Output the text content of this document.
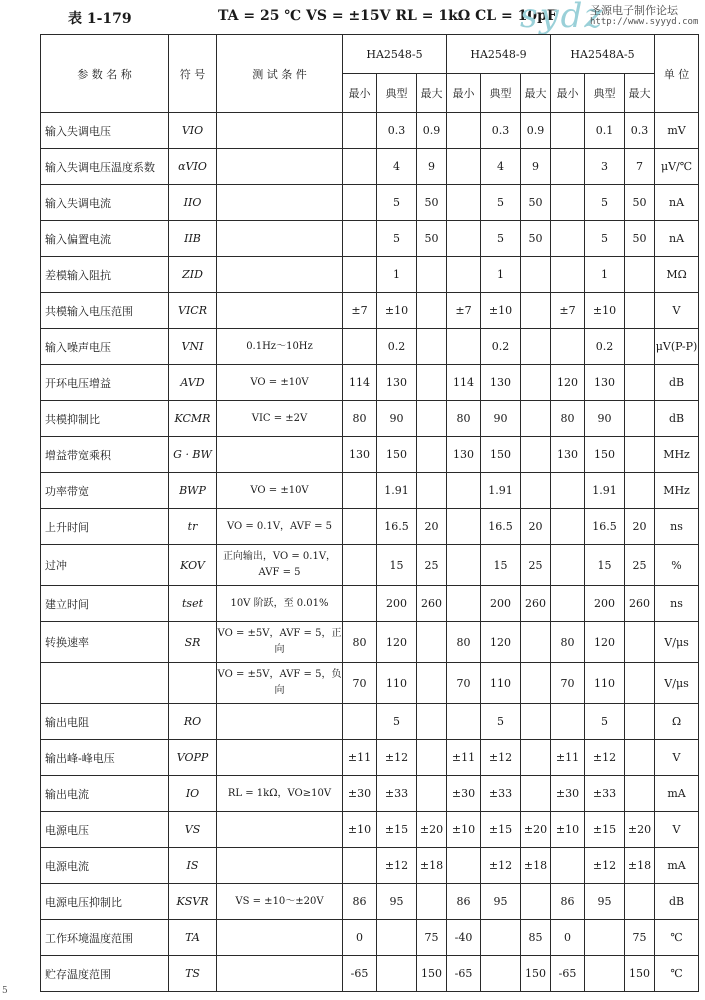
表 1-179	TA = 25 ℃ VS = ±15V RL = 1kΩ CL = 10pF
sydz
圣源电子制作论坛
http://www.syyyd.com
参 数 名 称	符 号	测 试 条 件	HA2548-5			HA2548-9			HA2548A-5			单 位
			最小	典型	最大	最小	典型	最大	最小	典型	最大	
输入失调电压	VIO			0.3	0.9		0.3	0.9		0.1	0.3	mV
输入失调电压温度系数	αVIO			4	9		4	9		3	7	μV/℃
输入失调电流	IIO			5	50		5	50		5	50	nA
输入偏置电流	IIB			5	50		5	50		5	50	nA
差模输入阻抗	ZID			1			1			1		MΩ
共模输入电压范围	VICR		±7	±10		±7	±10		±7	±10		V
输入噪声电压	VNI	0.1Hz～10Hz		0.2			0.2			0.2		μV(P-P)
开环电压增益	AVD	VO = ±10V	114	130		114	130		120	130		dB
共模抑制比	KCMR	VIC = ±2V	80	90		80	90		80	90		dB
增益带宽乘积	G · BW		130	150		130	150		130	150		MHz
功率带宽	BWP	VO = ±10V		1.91			1.91			1.91		MHz
上升时间	tr	VO = 0.1V，AVF = 5		16.5	20		16.5	20		16.5	20	ns
过冲	KOV	正向输出，VO = 0.1V，AVF = 5		15	25		15	25		15	25	%
建立时间	tset	10V 阶跃，至 0.01%		200	260		200	260		200	260	ns
转换速率	SR	VO = ±5V，AVF = 5，正向	80	120		80	120		80	120		V/μs
		VO = ±5V，AVF = 5，负向	70	110		70	110		70	110		V/μs
输出电阻	RO			5			5			5		Ω
输出峰-峰电压	VOPP		±11	±12		±11	±12		±11	±12		V
输出电流	IO	RL = 1kΩ，VO≥10V	±30	±33		±30	±33		±30	±33		mA
电源电压	VS		±10	±15	±20	±10	±15	±20	±10	±15	±20	V
电源电流	IS			±12	±18		±12	±18		±12	±18	mA
电源电压抑制比	KSVR	VS = ±10～±20V	86	95		86	95		86	95		dB
工作环境温度范围	TA		0		75	-40		85	0		75	℃
贮存温度范围	TS		-65		150	-65		150	-65		150	℃
5
